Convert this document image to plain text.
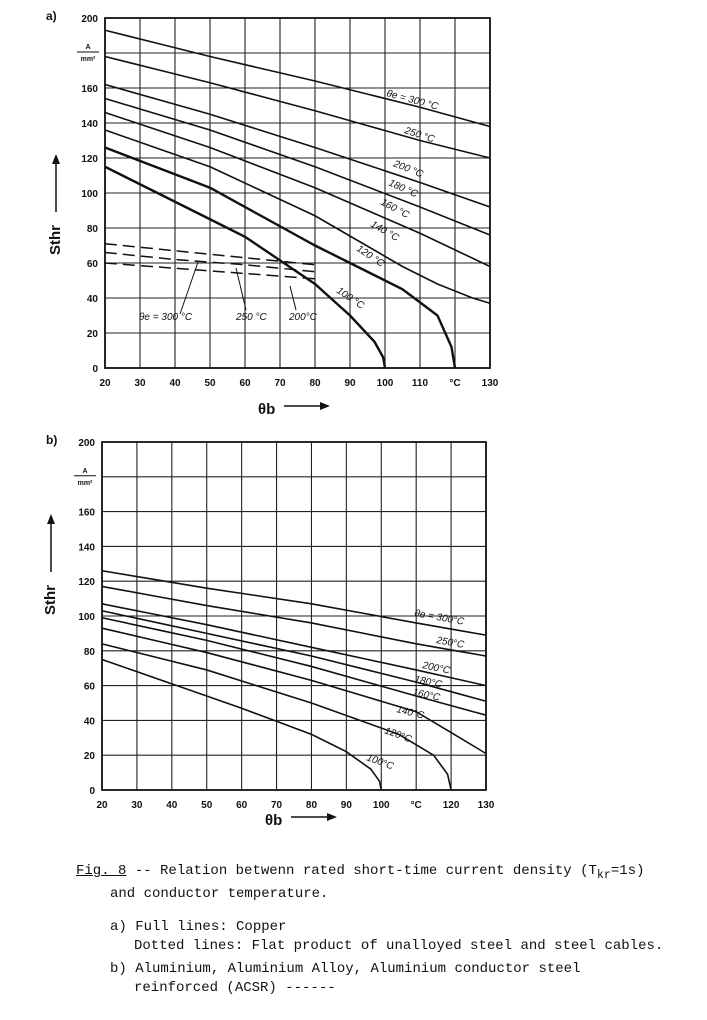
a)
20 30 40 50 60 70 80 90 100 110 °C 130
0
20
40
60
80
100
120
140
160
A
mm²
200
θe = 300 °C
250 °C
200 °C
180 °C
160 °C
140 °C
120 °C
100 °C
θe = 300 °C	250 °C 200°C
θb
Sthr
b)
20 30 40 50 60 70 80 90 100 °C 120 130
0
20
40
60
80
100
120
140
160
A
mm²
200
θe = 300°C
250°C
200°C
180°C
160°C
140°C
120°C
100°C
θb
Sthr
Fig. 8 -- Relation betwenn rated short-time current density $(T_{kr}=1s)$
and conductor temperature.
a) Full lines: Copper
Dotted lines: Flat product of unalloyed steel and steel cables.
b) Aluminium, Aluminium Alloy, Aluminium conductor steel
reinforced (ACSR) ------
